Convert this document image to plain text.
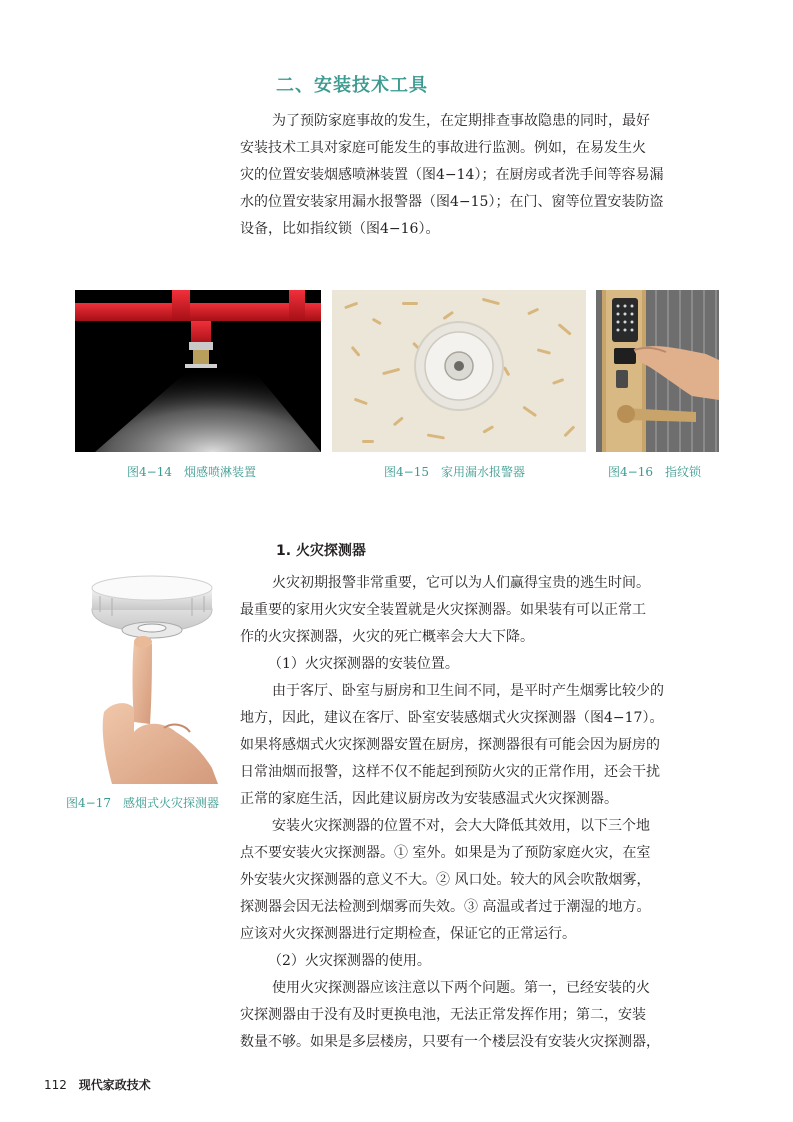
二、安装技术工具
为了预防家庭事故的发生，在定期排查事故隐患的同时，最好
安装技术工具对家庭可能发生的事故进行监测。例如，在易发生火
灾的位置安装烟感喷淋装置（图4−14）；在厨房或者洗手间等容易漏
水的位置安装家用漏水报警器（图4−15）；在门、窗等位置安装防盗
设备，比如指纹锁（图4−16）。
图4−14　烟感喷淋装置	图4−15　家用漏水报警器	图4−16　指纹锁
1. 火灾探测器
图4−17　感烟式火灾探测器
火灾初期报警非常重要，它可以为人们赢得宝贵的逃生时间。
最重要的家用火灾安全装置就是火灾探测器。如果装有可以正常工
作的火灾探测器，火灾的死亡概率会大大下降。
（1）火灾探测器的安装位置。
由于客厅、卧室与厨房和卫生间不同，是平时产生烟雾比较少的
地方，因此，建议在客厅、卧室安装感烟式火灾探测器（图4−17）。
如果将感烟式火灾探测器安置在厨房，探测器很有可能会因为厨房的
日常油烟而报警，这样不仅不能起到预防火灾的正常作用，还会干扰
正常的家庭生活，因此建议厨房改为安装感温式火灾探测器。
安装火灾探测器的位置不对，会大大降低其效用，以下三个地
点不要安装火灾探测器。① 室外。如果是为了预防家庭火灾，在室
外安装火灾探测器的意义不大。② 风口处。较大的风会吹散烟雾，
探测器会因无法检测到烟雾而失效。③ 高温或者过于潮湿的地方。
应该对火灾探测器进行定期检查，保证它的正常运行。
（2）火灾探测器的使用。
使用火灾探测器应该注意以下两个问题。第一，已经安装的火
灾探测器由于没有及时更换电池，无法正常发挥作用；第二，安装
数量不够。如果是多层楼房，只要有一个楼层没有安装火灾探测器，
112 现代家政技术
